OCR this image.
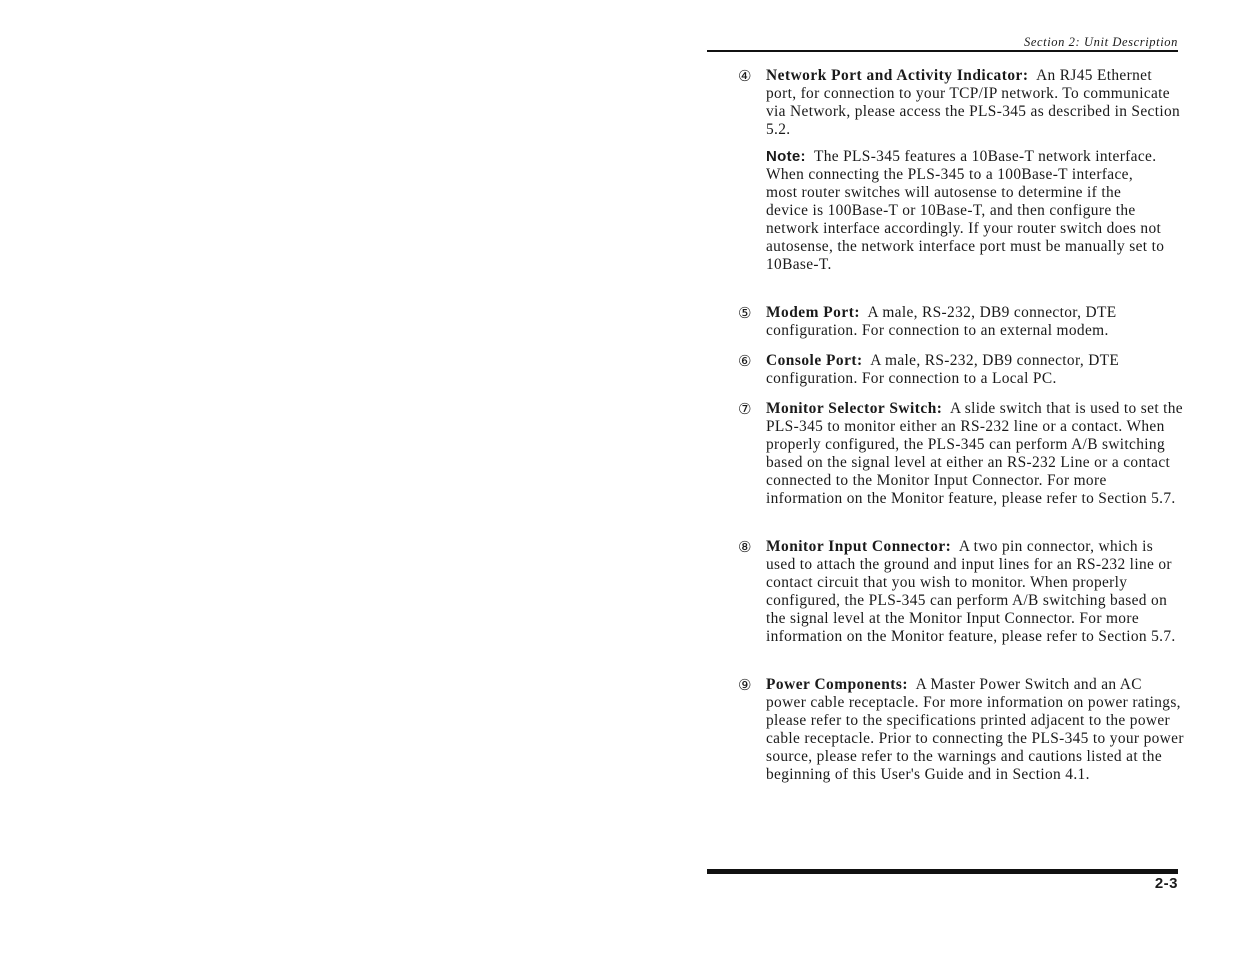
Section 2: Unit Description
④ Network Port and Activity Indicator: An RJ45 Ethernet port, for connection to your TCP/IP network. To communicate via Network, please access the PLS-345 as described in Section 5.2.
Note: The PLS-345 features a 10Base-T network interface. When connecting the PLS-345 to a 100Base-T interface, most router switches will autosense to determine if the device is 100Base-T or 10Base-T, and then configure the network interface accordingly. If your router switch does not autosense, the network interface port must be manually set to 10Base-T.
⑤ Modem Port: A male, RS-232, DB9 connector, DTE configuration. For connection to an external modem.
⑥ Console Port: A male, RS-232, DB9 connector, DTE configuration. For connection to a Local PC.
⑦ Monitor Selector Switch: A slide switch that is used to set the PLS-345 to monitor either an RS-232 line or a contact. When properly configured, the PLS-345 can perform A/B switching based on the signal level at either an RS-232 Line or a contact connected to the Monitor Input Connector. For more information on the Monitor feature, please refer to Section 5.7.
⑧ Monitor Input Connector: A two pin connector, which is used to attach the ground and input lines for an RS-232 line or contact circuit that you wish to monitor. When properly configured, the PLS-345 can perform A/B switching based on the signal level at the Monitor Input Connector. For more information on the Monitor feature, please refer to Section 5.7.
⑨ Power Components: A Master Power Switch and an AC power cable receptacle. For more information on power ratings, please refer to the specifications printed adjacent to the power cable receptacle. Prior to connecting the PLS-345 to your power source, please refer to the warnings and cautions listed at the beginning of this User's Guide and in Section 4.1.
2-3
